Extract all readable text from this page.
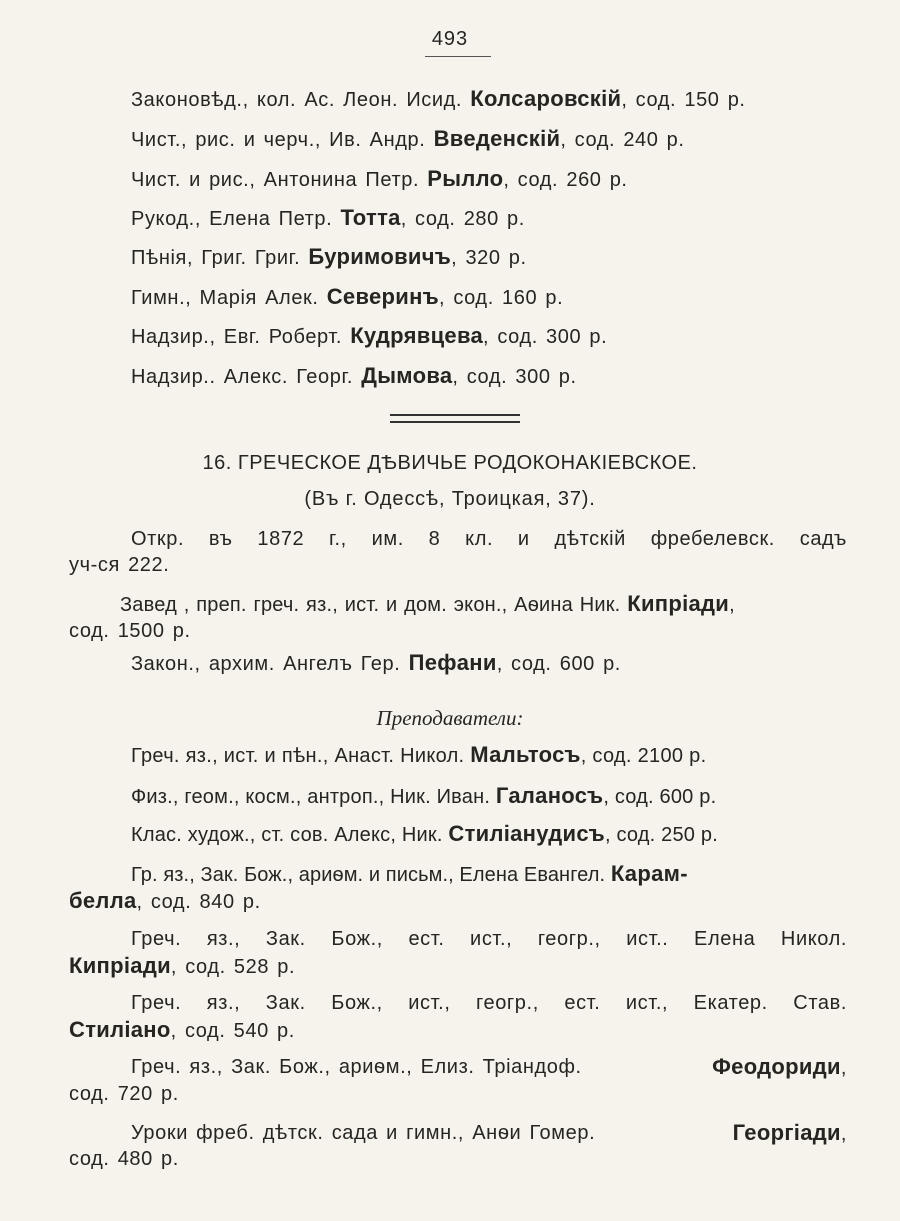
493
Законовѣд., кол. Ас. Леон. Исид. Колсаровскій, сод. 150 р.
Чист., рис. и черч., Ив. Андр. Введенскій, сод. 240 р.
Чист. и рис., Антонина Петр. Рылло, сод. 260 р.
Рукод., Елена Петр. Тотта, сод. 280 р.
Пѣнія, Григ. Григ. Буримовичъ, 320 р.
Гимн., Марія Алек. Северинъ, сод. 160 р.
Надзир., Евг. Роберт. Кудрявцева, сод. 300 р.
Надзир.. Алекс. Георг. Дымова, сод. 300 р.
16. ГРЕЧЕСКОЕ ДѢВИЧЬЕ РОДОКОНАКІЕВСКОЕ.
(Въ г. Одессѣ, Троицкая, 37).
Откр. въ 1872 г., им. 8 кл. и дѣтскій фребелевск. садъ
уч-ся 222.
Завед , преп. греч. яз., ист. и дом. экон., Аѳина Ник. Кипріади,
сод. 1500 р.
Закон., архим. Ангелъ Гер. Пефани, сод. 600 р.
Преподаватели:
Греч. яз., ист. и пѣн., Анаст. Никол. Мальтосъ, сод. 2100 р.
Физ., геом., косм., антроп., Ник. Иван. Галаносъ, сод. 600 р.
Клас. худож., ст. сов. Алекс, Ник. Стиліанудисъ, сод. 250 р.
Гр. яз., Зак. Бож., ариѳм. и письм., Елена Евангел. Карам-
белла, сод. 840 р.
Греч. яз., Зак. Бож., ест. ист., геогр., ист.. Елена Никол.
Кипріади, сод. 528 р.
Греч. яз., Зак. Бож., ист., геогр., ест. ист., Екатер. Став.
Стиліано, сод. 540 р.
Греч. яз., Зак. Бож., ариѳм., Елиз. Тріандоф.	Феодориди,
сод. 720 р.
Уроки фреб. дѣтск. сада и гимн., Анѳи Гомер.	Георгіади,
сод. 480 р.
